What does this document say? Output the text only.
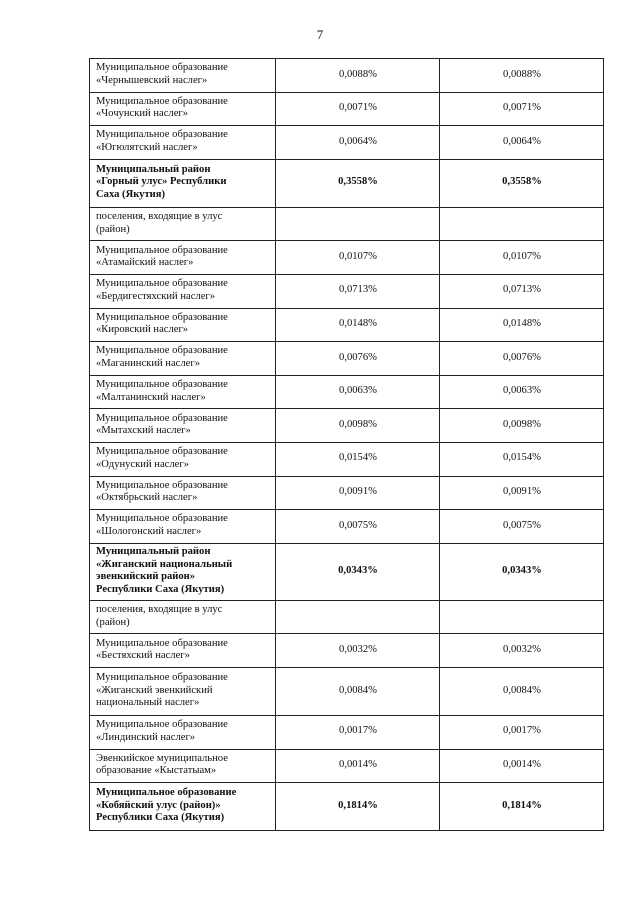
7
Муниципальное образование
«Чернышевский наслег»	0,0088%	0,0088%
Муниципальное образование
«Чочунский наслег»	0,0071%	0,0071%
Муниципальное образование
«Югюлятский наслег»	0,0064%	0,0064%
Муниципальный район
«Горный улус» Республики
Саха (Якутия)	0,3558%	0,3558%
поселения, входящие в улус
(район)		
Муниципальное образование
«Атамайский наслег»	0,0107%	0,0107%
Муниципальное образование
«Бердигестяхский наслег»	0,0713%	0,0713%
Муниципальное образование
«Кировский наслег»	0,0148%	0,0148%
Муниципальное образование
«Маганинский наслег»	0,0076%	0,0076%
Муниципальное образование
«Малтанинский наслег»	0,0063%	0,0063%
Муниципальное образование
«Мытахский наслег»	0,0098%	0,0098%
Муниципальное образование
«Одунуский наслег»	0,0154%	0,0154%
Муниципальное образование
«Октябрьский наслег»	0,0091%	0,0091%
Муниципальное образование
«Шологонский наслег»	0,0075%	0,0075%
Муниципальный район
«Жиганский национальный
эвенкийский район»
Республики Саха (Якутия)	0,0343%	0,0343%
поселения, входящие в улус
(район)		
Муниципальное образование
«Бестяхский наслег»	0,0032%	0,0032%
Муниципальное образование
«Жиганский эвенкийский
национальный наслег»	0,0084%	0,0084%
Муниципальное образование
«Линдинский наслег»	0,0017%	0,0017%
Эвенкийское муниципальное
образование «Кыстатыам»	0,0014%	0,0014%
Муниципальное образование
«Кобяйский улус (район)»
Республики Саха (Якутия)	0,1814%	0,1814%
